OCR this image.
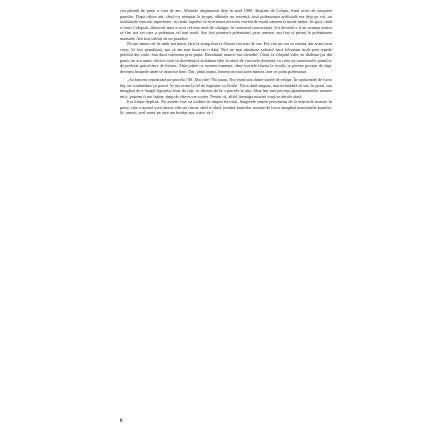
cea pătrată de peste o sută de ani. Albinele dispăruseră deja în anul 1980, dinainte de Colaps, fiind ucise de stropirea pomilor. După câțiva ani, când s-a renunțat la stropit, albinele nu reveniră, însă polenizarea artificială era deja pe val, iar rezultatele erau net superioare, în ciuda faptului că activitatea necesita extrem de mulți oameni și multe mâini. Și apoi, când a venit Colapsul, districtul meu a avut cel mai mult de câștigat, în contextul concurenței. S-a dovedit a fi un avantaj nostru să fim noi cei care a polenizat cel mai mult. Am fost pionierii polenizării, prin urmare, am fost și primii la polenizarea manuală. Am fost salvați de un paradox.

Ne-am întins cât de mult am putut, fără să ajung însă la floarea cea mai de sus. Era clar pe cea să renunț, dar n-am avut curaj. Și fost penalizată, așa că am mai încercat o dată. Nici ne mai rămăsese salariul dacă foloseam mult prea repede polenul din cutie. Sau dacă foloseam prea puțin. Rezultatul muncii era invizibil. Când, la sfârșitul zilei, ne dădeam jos din pomi, nu era nimic altceva care să dovedească strădania zilei în afară de crucișele desenate cu creta pe trunchiurile pomilor, de preferat patru/cinci de fiecare. Abia odată cu venirea toamnei, când fructele ieșeau la iveală, se puteau pricepe de fapt, devenea limpede unde se muncise bine. Dar, până atunci, nimeni nu mai știea mintea cine ce pomi polenizase.

„Arifuncem repartizată pe parcela 748. Din câte? Nu știam. Noi eram una dintre sutele de echipe. În uniformele de lucru bej, ne confundam cu pomii. Și noi eram la fel de îngenate cu florile. Nicio dată singure, mereu laolaltă să sus, în pomi, sau mergând de-a lungul figurului liuar de ruți, ce duceau de la o parcelă la alta. Abia îmi mai percepi aparatamentelor noastre mici, puteam fi noi înșine, timp de câteva ore scurte. Pentru că, altfel, întreaga noastră viață se derula afară.

Era liniște deplină. Nu aveam voie să vorbim în timpul lucrului. Singurele sunete proveneau de la mișcările noastre în pomi, câte o uşoară voce deasă, câte un câscat când și când, fornitul haincilor noastre de lucru atingând trunchiurile pomilor. Și, uneori, acel sunet pe care am învățat noi, toate, să-l

8
